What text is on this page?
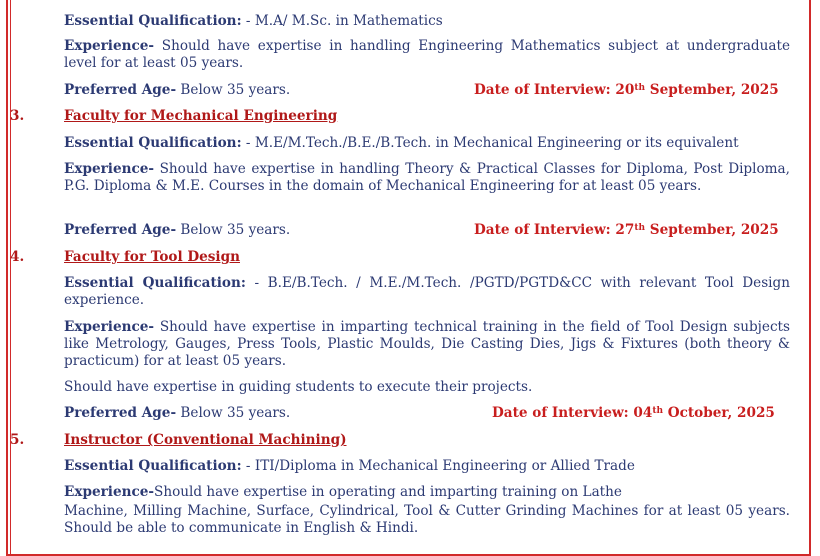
Essential Qualification: - M.A/ M.Sc. in Mathematics
Experience- Should have expertise in handling Engineering Mathematics subject at undergraduate level for at least 05 years.
Preferred Age- Below 35 years.	Date of Interview: 20th September, 2025
3.	Faculty for Mechanical Engineering
Essential Qualification: - M.E/M.Tech./B.E./B.Tech. in Mechanical Engineering or its equivalent
Experience- Should have expertise in handling Theory & Practical Classes for Diploma, Post Diploma, P.G. Diploma & M.E. Courses in the domain of Mechanical Engineering for at least 05 years.
Preferred Age- Below 35 years.	Date of Interview: 27th September, 2025
4.	Faculty for Tool Design
Essential Qualification: - B.E/B.Tech. / M.E./M.Tech. /PGTD/PGTD&CC with relevant Tool Design experience.
Experience- Should have expertise in imparting technical training in the field of Tool Design subjects like Metrology, Gauges, Press Tools, Plastic Moulds, Die Casting Dies, Jigs & Fixtures (both theory & practicum) for at least 05 years.
Should have expertise in guiding students to execute their projects.
Preferred Age- Below 35 years.	Date of Interview: 04th October, 2025
5.	Instructor (Conventional Machining)
Essential Qualification: - ITI/Diploma in Mechanical Engineering or Allied Trade
Experience-Should have expertise in operating and imparting training on Lathe
Machine, Milling Machine, Surface, Cylindrical, Tool & Cutter Grinding Machines for at least 05 years. Should be able to communicate in English & Hindi.
